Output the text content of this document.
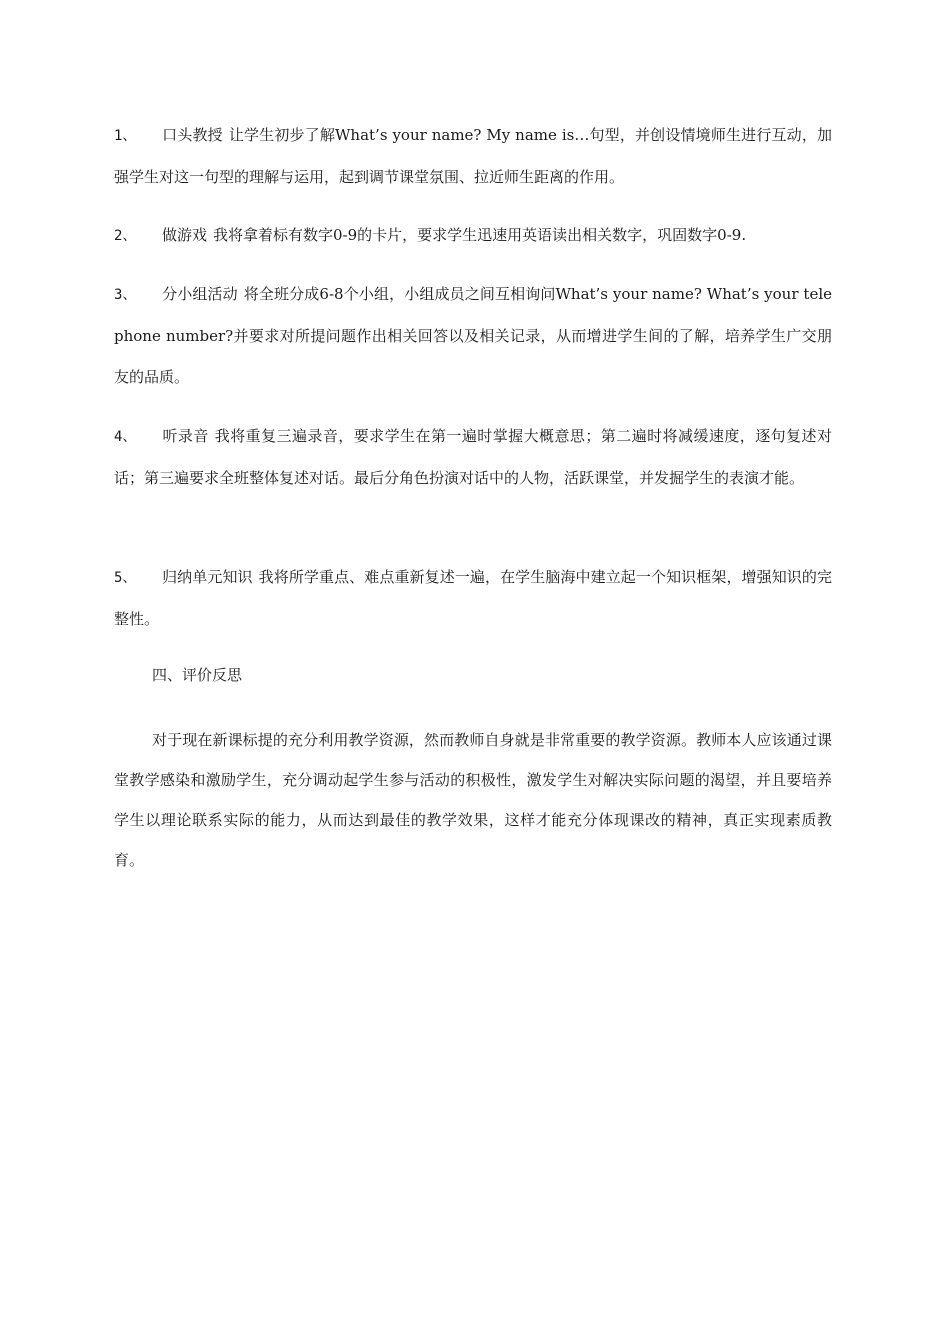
1、 口头教授 让学生初步了解What’s your name? My name is…句型，并创设情境师生进行互动，加强学生对这一句型的理解与运用，起到调节课堂氛围、拉近师生距离的作用。
2、 做游戏 我将拿着标有数字0-9的卡片，要求学生迅速用英语读出相关数字，巩固数字0-9.
3、 分小组活动 将全班分成6-8个小组，小组成员之间互相询问What’s your name? What’s your telephone number?并要求对所提问题作出相关回答以及相关记录，从而增进学生间的了解，培养学生广交朋友的品质。
4、 听录音 我将重复三遍录音，要求学生在第一遍时掌握大概意思；第二遍时将减缓速度，逐句复述对话；第三遍要求全班整体复述对话。最后分角色扮演对话中的人物，活跃课堂，并发掘学生的表演才能。
5、 归纳单元知识 我将所学重点、难点重新复述一遍，在学生脑海中建立起一个知识框架，增强知识的完整性。
四、评价反思
对于现在新课标提的充分利用教学资源，然而教师自身就是非常重要的教学资源。教师本人应该通过课堂教学感染和激励学生，充分调动起学生参与活动的积极性，激发学生对解决实际问题的渴望，并且要培养学生以理论联系实际的能力，从而达到最佳的教学效果，这样才能充分体现课改的精神，真正实现素质教育。
